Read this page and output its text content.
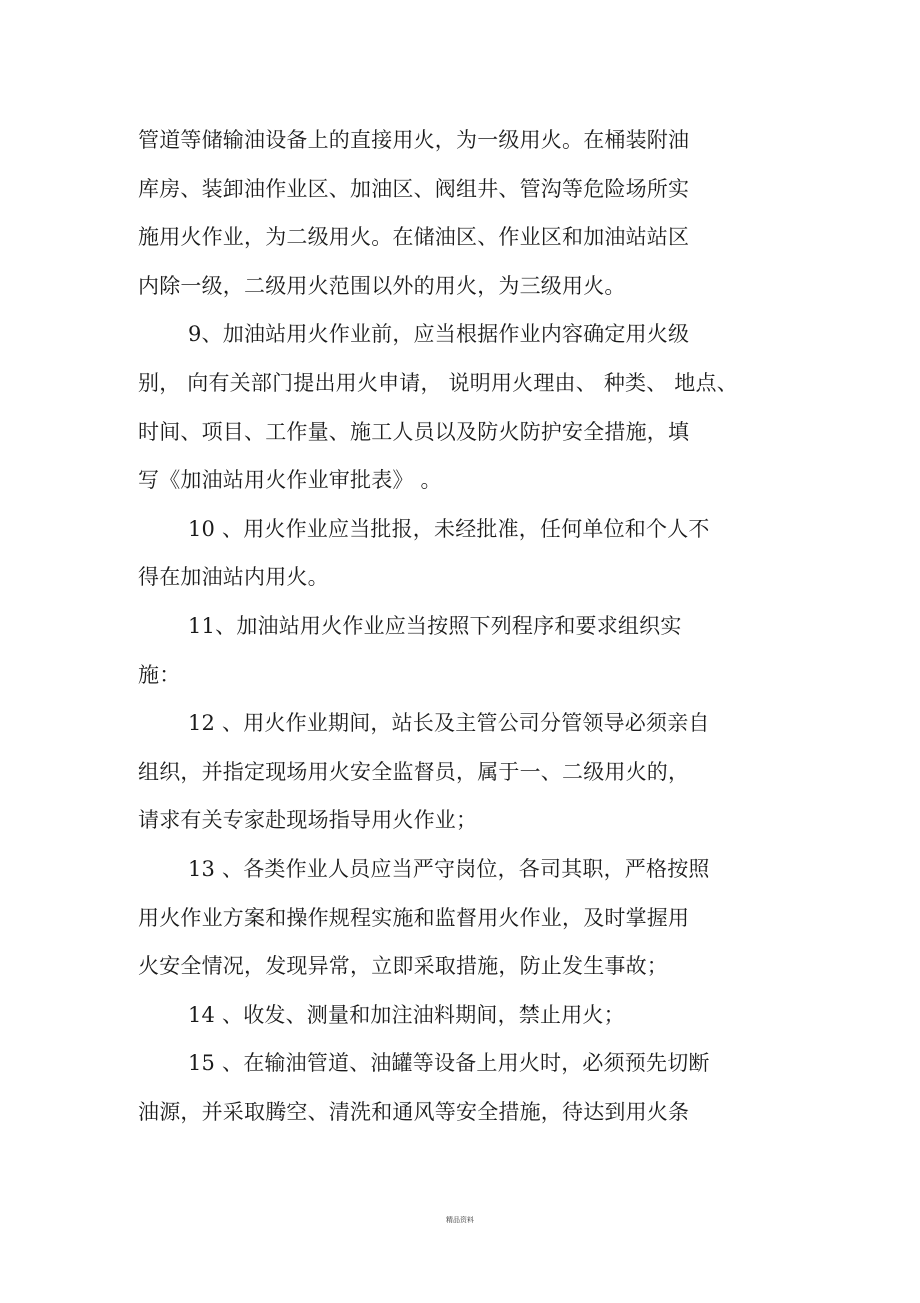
管道等储输油设备上的直接用火，为一级用火。在桶装附油
库房、装卸油作业区、加油区、阀组井、管沟等危险场所实
施用火作业，为二级用火。在储油区、作业区和加油站站区
内除一级，二级用火范围以外的用火，为三级用火。
9、加油站用火作业前，应当根据作业内容确定用火级
别， 向有关部门提出用火申请， 说明用火理由、 种类、 地点、
时间、项目、工作量、施工人员以及防火防护安全措施，填
写《加油站用火作业审批表》 。
10 、用火作业应当批报，未经批准，任何单位和个人不
得在加油站内用火。
11、加油站用火作业应当按照下列程序和要求组织实
施：
12 、用火作业期间，站长及主管公司分管领导必须亲自
组织，并指定现场用火安全监督员，属于一、二级用火的，
请求有关专家赴现场指导用火作业；
13 、各类作业人员应当严守岗位，各司其职，严格按照
用火作业方案和操作规程实施和监督用火作业，及时掌握用
火安全情况，发现异常，立即采取措施，防止发生事故；
14 、收发、测量和加注油料期间，禁止用火；
15 、在输油管道、油罐等设备上用火时，必须预先切断
油源，并采取腾空、清洗和通风等安全措施，待达到用火条
精品资料
